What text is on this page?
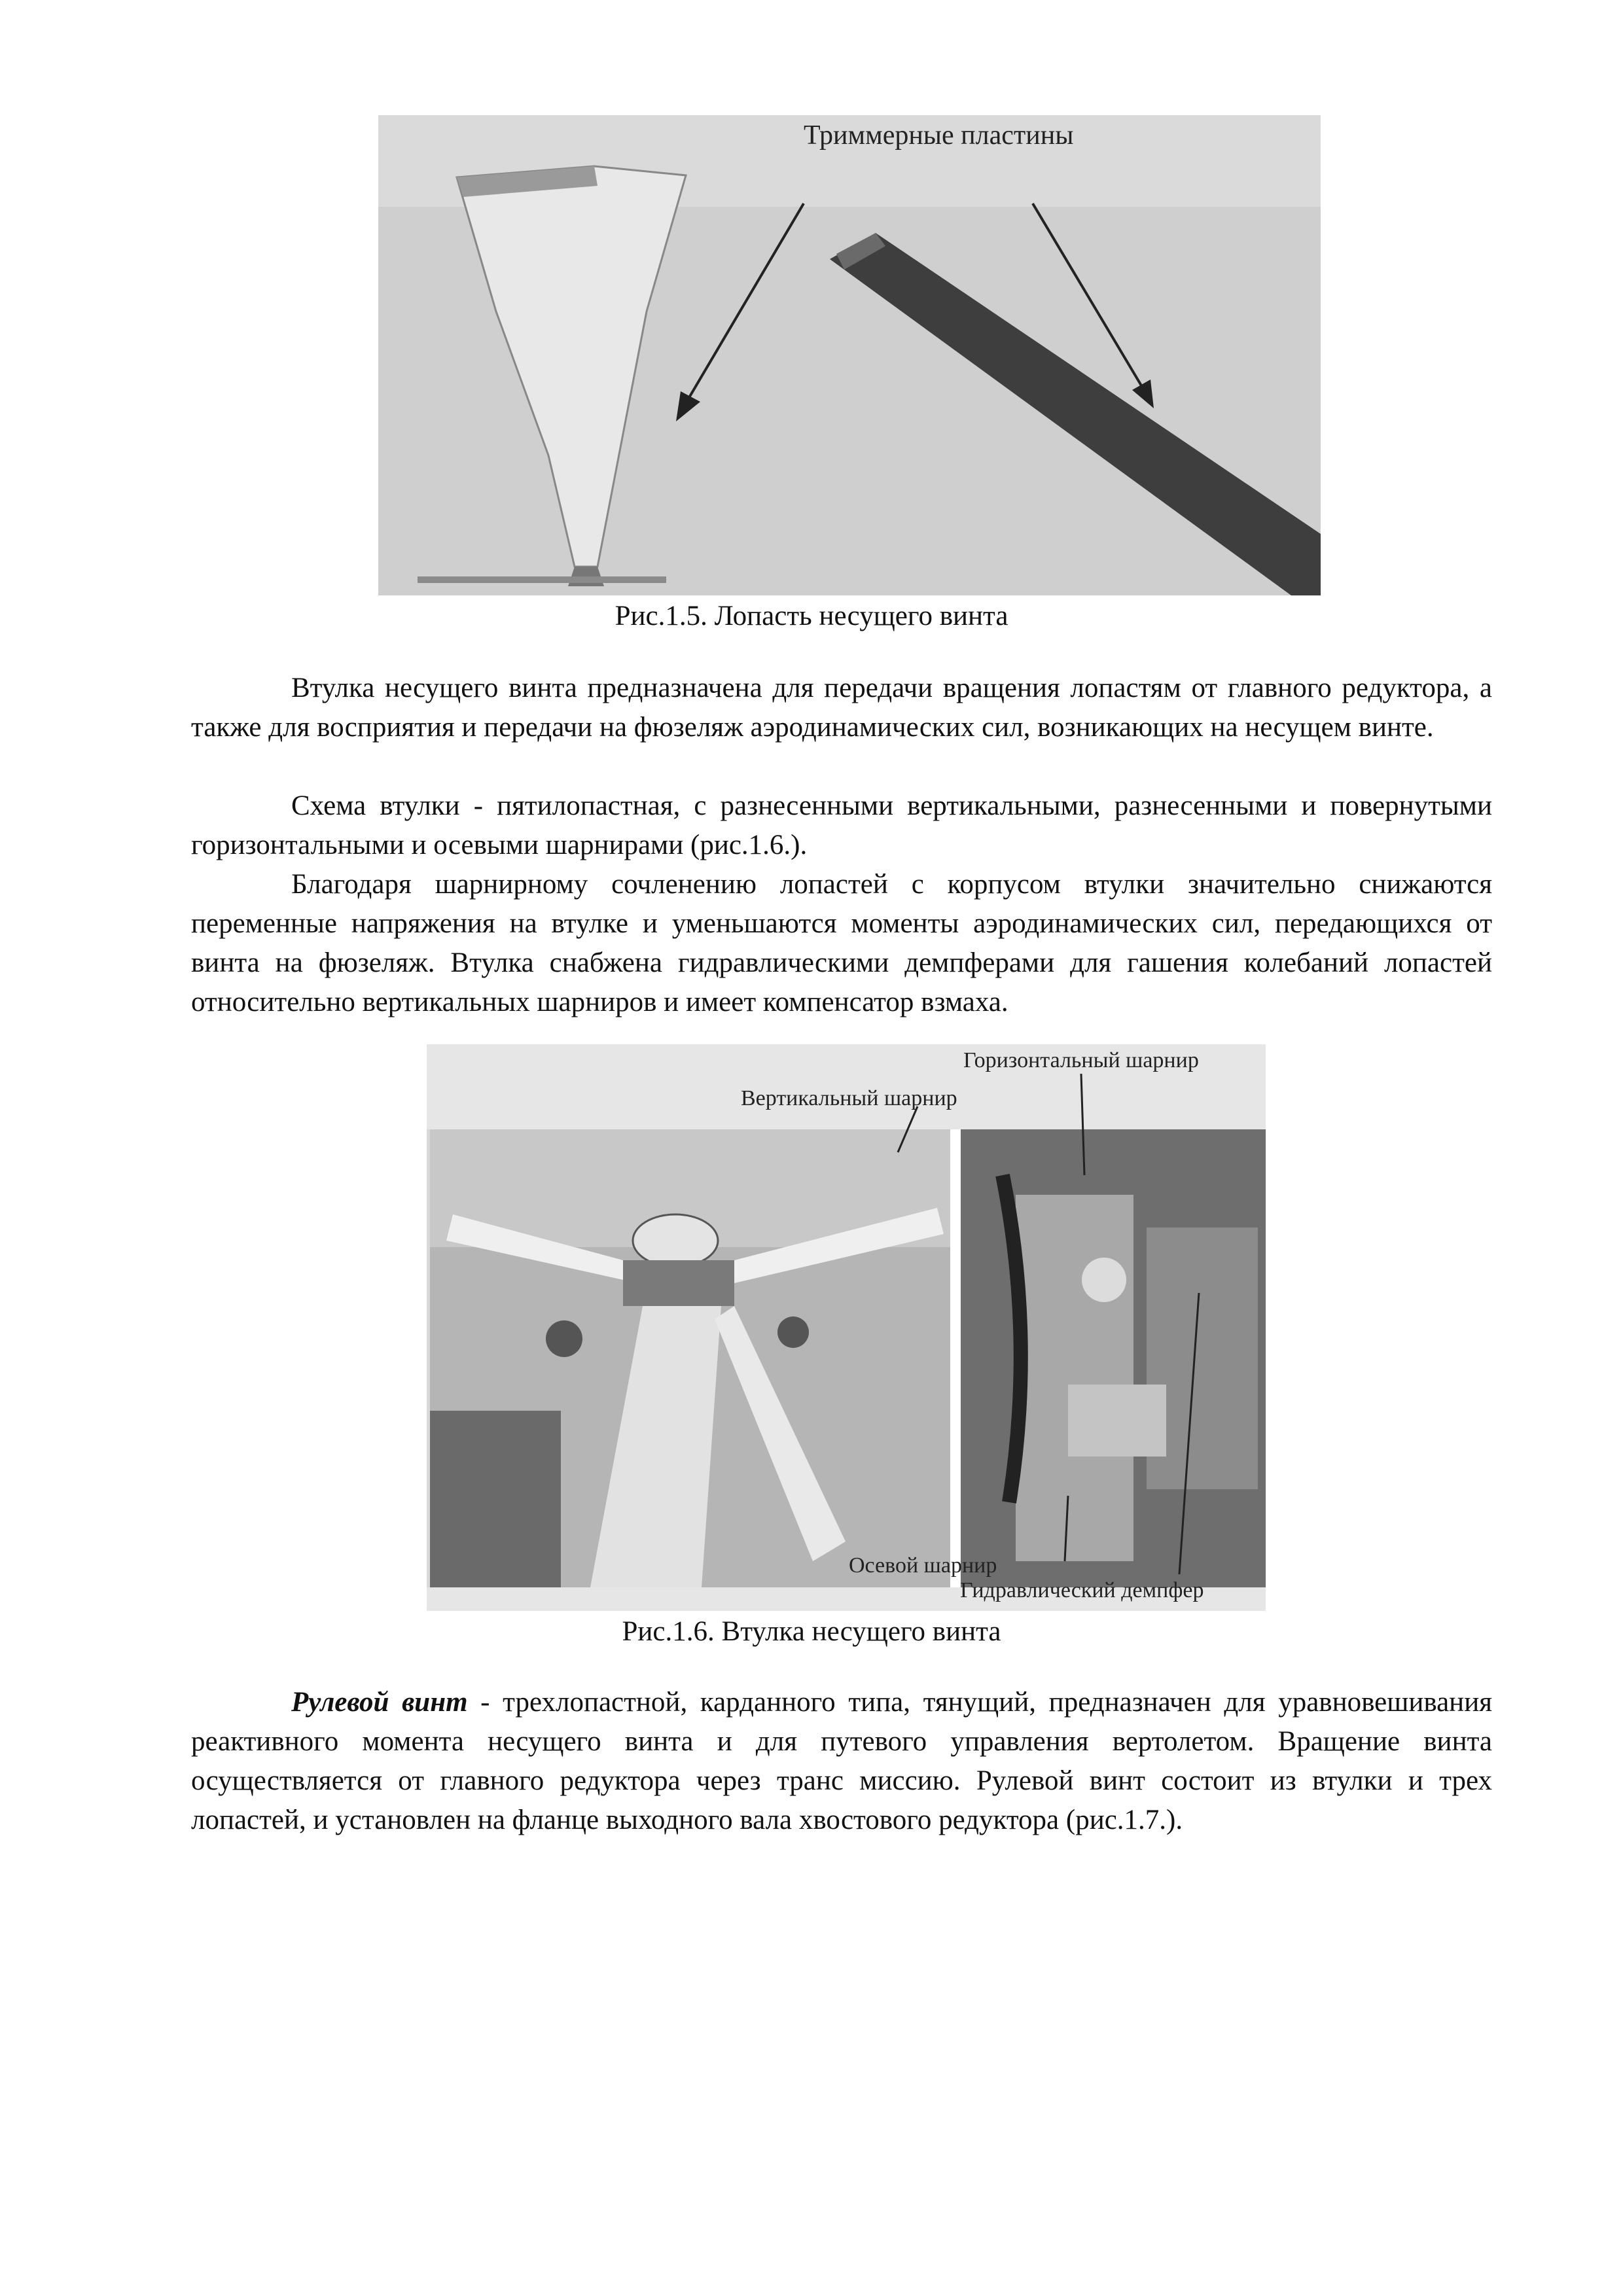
Триммерные пластины
Рис.1.5. Лопасть несущего винта

Втулка несущего винта предназначена для передачи вращения лопастям от главного редуктора, а также для восприятия и передачи на фюзеляж аэродинамических сил, возникающих на несущем винте.

Схема втулки - пятилопастная, с разнесенными вертикальными, разнесенными и повернутыми горизонтальными и осевыми шарнирами (рис.1.6.).

Благодаря шарнирному сочленению лопастей с корпусом втулки значительно снижаются переменные напряжения на втулке и уменьшаются моменты аэродинамических сил, передающихся от винта на фюзеляж. Втулка снабжена гидравлическими демпферами для гашения колебаний лопастей относительно вертикальных шарниров и имеет компенсатор взмаха.

Горизонтальный шарнир
Вертикальный шарнир
Осевой шарнир
Гидравлический демпфер
Рис.1.6. Втулка несущего винта

Рулевой винт - трехлопастной, карданного типа, тянущий, предназначен для уравновешивания реактивного момента несущего винта и для путевого управления вертолетом. Вращение винта осуществляется от главного редуктора через транс миссию. Рулевой винт состоит из втулки и трех лопастей, и установлен на фланце выходного вала хвостового редуктора (рис.1.7.).
